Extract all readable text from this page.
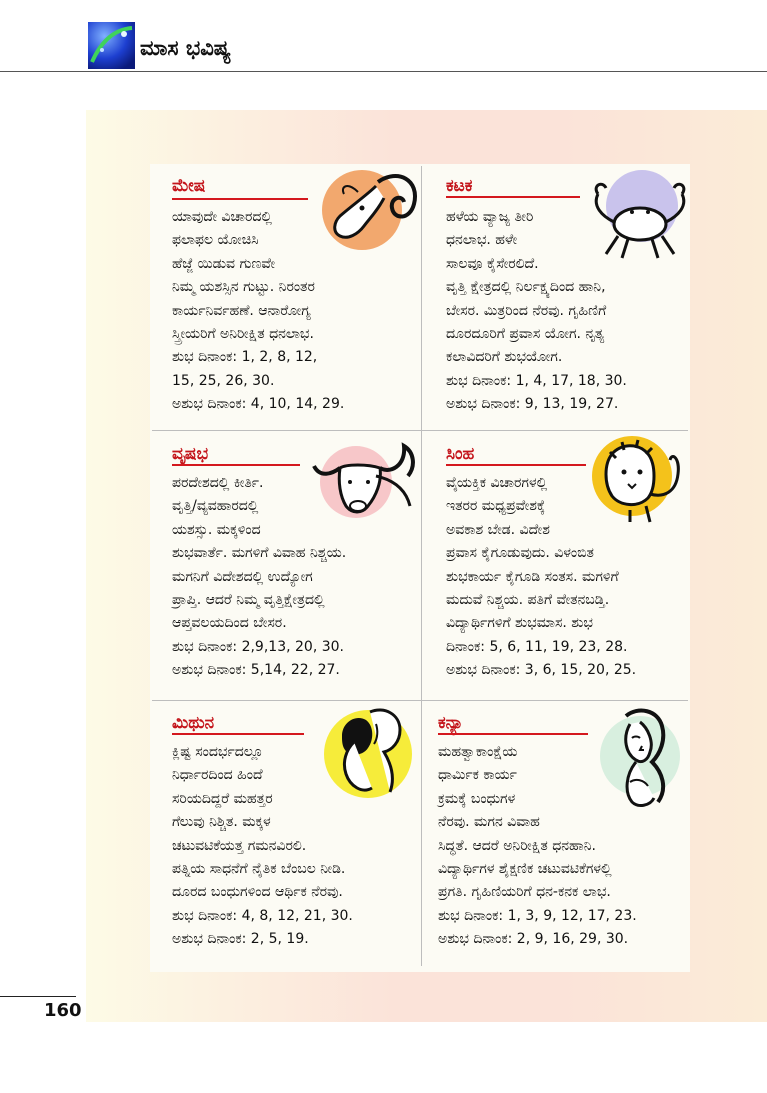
ಮಾಸ ಭವಿಷ್ಯ
ಮೇಷ
ಯಾವುದೇ ವಿಚಾರದಲ್ಲಿ
ಫಲಾಫಲ ಯೋಚಿಸಿ
ಹೆಜ್ಜೆ ಯಿಡುವ ಗುಣವೇ
ನಿಮ್ಮ ಯಶಸ್ಸಿನ ಗುಟ್ಟು. ನಿರಂತರ
ಕಾರ್ಯನಿರ್ವಹಣೆ. ಆನಾರೋಗ್ಯ
ಸ್ತ್ರೀಯರಿಗೆ ಅನಿರೀಕ್ಷಿತ ಧನಲಾಭ.
ಶುಭ ದಿನಾಂಕ: 1, 2, 8, 12,
15, 25, 26, 30.
ಅಶುಭ ದಿನಾಂಕ: 4, 10, 14, 29.
ಕಟಕ
ಹಳೆಯ ವ್ಯಾಜ್ಯ ತೀರಿ
ಧನಲಾಭ. ಹಳೇ
ಸಾಲವೂ ಕೈಸೇರಲಿದೆ.
ವೃತ್ತಿ ಕ್ಷೇತ್ರದಲ್ಲಿ ನಿರ್ಲಕ್ಷ್ಯದಿಂದ ಹಾನಿ,
ಬೇಸರ. ಮಿತ್ರರಿಂದ ನೆರವು. ಗೃಹಿಣಿಗೆ
ದೂರದೂರಿಗೆ ಪ್ರವಾಸ ಯೋಗ. ನೃತ್ಯ
ಕಲಾವಿದರಿಗೆ ಶುಭಯೋಗ.
ಶುಭ ದಿನಾಂಕ: 1, 4, 17, 18, 30.
ಅಶುಭ ದಿನಾಂಕ: 9, 13, 19, 27.
ವೃಷಭ
ಪರದೇಶದಲ್ಲಿ ಕೀರ್ತಿ.
ವೃತ್ತಿ/ವ್ಯವಹಾರದಲ್ಲಿ
ಯಶಸ್ಸು. ಮಕ್ಕಳಿಂದ
ಶುಭವಾರ್ತೆ. ಮಗಳಿಗೆ ವಿವಾಹ ನಿಶ್ಚಯ.
ಮಗನಿಗೆ ವಿದೇಶದಲ್ಲಿ ಉದ್ಯೋಗ
ಪ್ರಾಪ್ತಿ. ಆದರೆ ನಿಮ್ಮ ವೃತ್ತಿಕ್ಷೇತ್ರದಲ್ಲಿ
ಆಪ್ತವಲಯದಿಂದ ಬೇಸರ.
ಶುಭ ದಿನಾಂಕ: 2,9,13, 20, 30.
ಅಶುಭ ದಿನಾಂಕ: 5,14, 22, 27.
ಸಿಂಹ
ವೈಯಕ್ತಿಕ ವಿಚಾರಗಳಲ್ಲಿ
ಇತರರ ಮಧ್ಯಪ್ರವೇಶಕ್ಕೆ
ಅವಕಾಶ ಬೇಡ. ವಿದೇಶ
ಪ್ರವಾಸ ಕೈಗೂಡುವುದು. ವಿಳಂಬಿತ
ಶುಭಕಾರ್ಯ ಕೈಗೂಡಿ ಸಂತಸ. ಮಗಳಿಗೆ
ಮದುವೆ ನಿಶ್ಚಯ. ಪತಿಗೆ ವೇತನಬಡ್ತಿ.
ವಿದ್ಯಾರ್ಥಿಗಳಿಗೆ ಶುಭಮಾಸ. ಶುಭ
ದಿನಾಂಕ: 5, 6, 11, 19, 23, 28.
ಅಶುಭ ದಿನಾಂಕ: 3, 6, 15, 20, 25.
ಮಿಥುನ
ಕ್ಲಿಷ್ಟ ಸಂದರ್ಭದಲ್ಲೂ
ನಿರ್ಧಾರದಿಂದ ಹಿಂದೆ
ಸರಿಯದಿದ್ದರೆ ಮಹತ್ತರ
ಗೆಲುವು ನಿಶ್ಚಿತ. ಮಕ್ಕಳ
ಚಟುವಟಿಕೆಯತ್ತ ಗಮನವಿರಲಿ.
ಪತ್ನಿಯ ಸಾಧನೆಗೆ ನೈತಿಕ ಬೆಂಬಲ ನೀಡಿ.
ದೂರದ ಬಂಧುಗಳಿಂದ ಆರ್ಥಿಕ ನೆರವು.
ಶುಭ ದಿನಾಂಕ: 4, 8, 12, 21, 30.
ಅಶುಭ ದಿನಾಂಕ: 2, 5, 19.
ಕನ್ಯಾ
ಮಹತ್ವಾಕಾಂಕ್ಷೆಯ
ಧಾರ್ಮಿಕ ಕಾರ್ಯ
ಕ್ರಮಕ್ಕೆ ಬಂಧುಗಳ
ನೆರವು. ಮಗನ ವಿವಾಹ
ಸಿದ್ಧತೆ. ಆದರೆ ಅನಿರೀಕ್ಷಿತ ಧನಹಾನಿ.
ವಿದ್ಯಾರ್ಥಿಗಳ ಶೈಕ್ಷಣಿಕ ಚಟುವಟಿಕೆಗಳಲ್ಲಿ
ಪ್ರಗತಿ. ಗೃಹಿಣಿಯರಿಗೆ ಧನ-ಕನಕ ಲಾಭ.
ಶುಭ ದಿನಾಂಕ: 1, 3, 9, 12, 17, 23.
ಅಶುಭ ದಿನಾಂಕ: 2, 9, 16, 29, 30.
160
